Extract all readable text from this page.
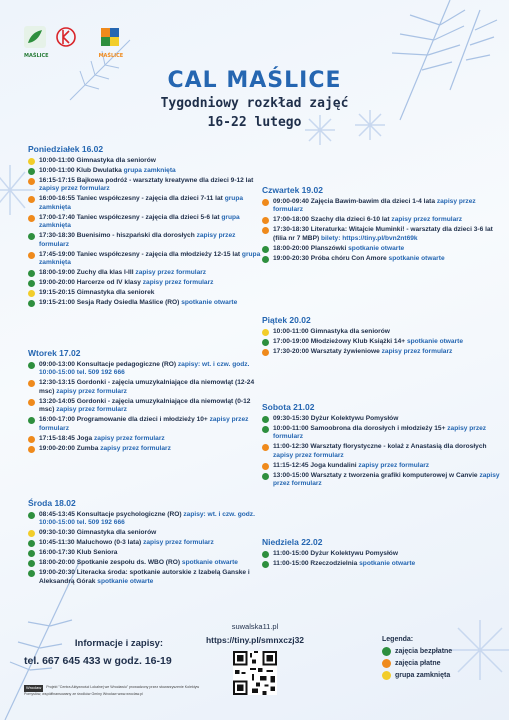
MAŚLICE	MAŚLICE
CAL MAŚLICE
Tygodniowy rozkład zajęć
16-22 lutego
Poniedziałek 16.02
10:00-11:00 Gimnastyka dla seniorów
10:00-11:00 Klub Dwulatka grupa zamknięta
16:15-17:15 Bajkowa podróż - warsztaty kreatywne dla dzieci 9-12 lat zapisy przez formularz
16:00-16:55 Taniec współczesny - zajęcia dla dzieci 7-11 lat grupa zamknięta
17:00-17:40 Taniec współczesny - zajęcia dla dzieci 5-6 lat grupa zamknięta
17:30-18:30 Buenisimo - hiszpański dla dorosłych zapisy przez formularz
17:45-19:00 Taniec współczesny - zajęcia dla młodzieży 12-15 lat grupa zamknięta
18:00-19:00 Zuchy dla klas I-III zapisy przez formularz
19:00-20:00 Harcerze od IV klasy zapisy przez formularz
19:15-20:15 Gimnastyka dla seniorek
19:15-21:00 Sesja Rady Osiedla Maślice (RO) spotkanie otwarte
Wtorek 17.02
09:00-13:00 Konsultacje pedagogiczne (RO) zapisy: wt. i czw. godz. 10:00-15:00 tel. 509 192 666
12:30-13:15 Gordonki - zajęcia umuzykalniające dla niemowląt (12-24 msc) zapisy przez formularz
13:20-14:05 Gordonki - zajęcia umuzykalniające dla niemowląt (0-12 msc) zapisy przez formularz
16:00-17:00 Programowanie dla dzieci i młodzieży 10+ zapisy przez formularz
17:15-18:45 Joga zapisy przez formularz
19:00-20:00 Zumba zapisy przez formularz
Środa 18.02
08:45-13:45 Konsultacje psychologiczne (RO) zapisy: wt. i czw. godz. 10:00-15:00 tel. 509 192 666
09:30-10:30 Gimnastyka dla seniorów
10:45-11:30 Maluchowo (0-3 lata) zapisy przez formularz
16:00-17:30 Klub Seniora
18:00-20:00 Spotkanie zespołu ds. WBO (RO) spotkanie otwarte
19:00-20:30 Literacka środa: spotkanie autorskie z Izabelą Ganske i Aleksandrą Górak spotkanie otwarte
Czwartek 19.02
09:00-09:40 Zajęcia Bawim-bawim dla dzieci 1-4 lata zapisy przez formularz
17:00-18:00 Szachy dla dzieci 6-10 lat zapisy przez formularz
17:30-18:30 Literaturka: Witajcie Muminki! - warsztaty dla dzieci 3-6 lat (filia nr 7 MBP) bilety: https://tiny.pl/bvn2nt69k
18:00-20:00 Planszówki spotkanie otwarte
19:00-20:30 Próba chóru Con Amore spotkanie otwarte
Piątek 20.02
10:00-11:00 Gimnastyka dla seniorów
17:00-19:00 Młodzieżowy Klub Książki 14+ spotkanie otwarte
17:30-20:00 Warsztaty żywieniowe zapisy przez formularz
Sobota 21.02
09:30-15:30 Dyżur Kolektywu Pomysłów
10:00-11:00 Samoobrona dla dorosłych i młodzieży 15+ zapisy przez formularz
11:00-12:30 Warsztaty florystyczne - kolaż z Anastasią dla dorosłych zapisy przez formularz
11:15-12:45 Joga kundalini zapisy przez formularz
13:00-15:00 Warsztaty z tworzenia grafiki komputerowej w Canvie zapisy przez formularz
Niedziela 22.02
11:00-15:00 Dyżur Kolektywu Pomysłów
11:00-15:00 Rzeczodzielnia spotkanie otwarte
Informacje i zapisy:
tel. 667 645 433 w godz. 16-19
Wrocław Projekt "Centra Aktywności Lokalnej we Wrocławiu" prowadzony przez stowarzyszenie Kolektyw Pomysłów, współfinansowany ze środków Gminy Wrocław www.wroclaw.pl
suwalska11.pl
https://tiny.pl/smnxczj32	Legenda:
zajęcia bezpłatne
zajęcia płatne
grupa zamknięta
